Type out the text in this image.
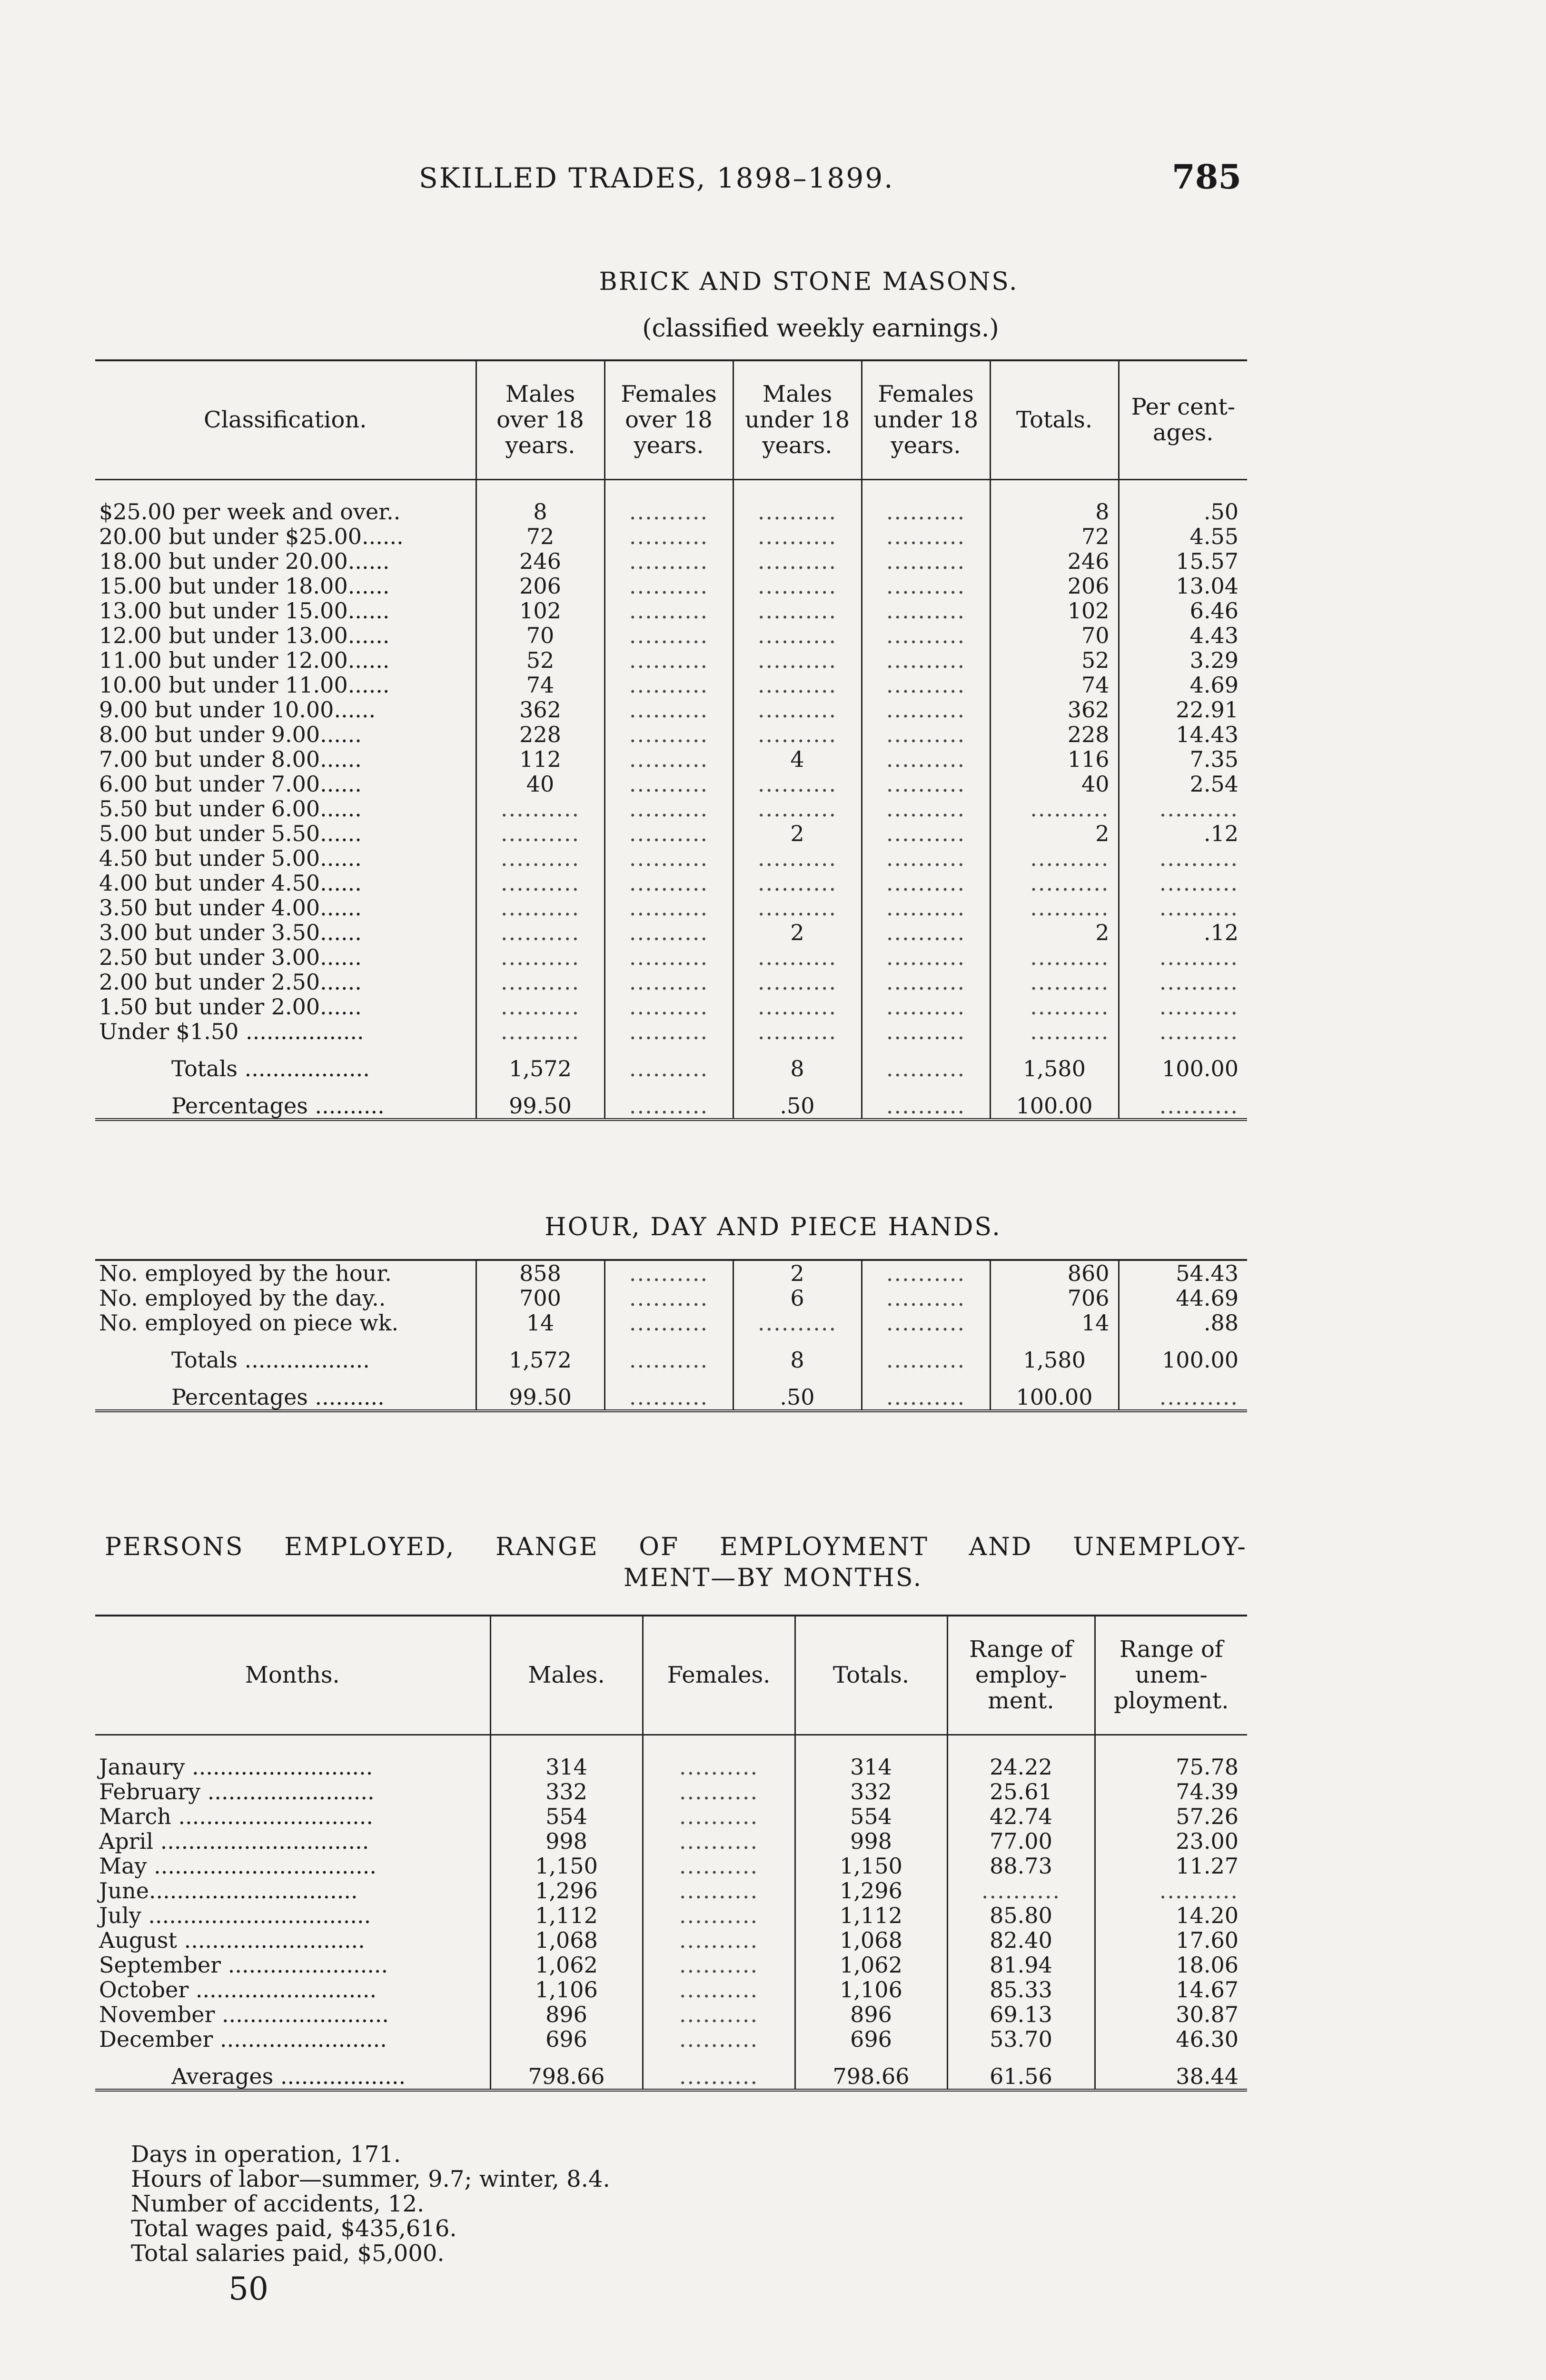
SKILLED TRADES, 1898–1899.	785
BRICK AND STONE MASONS.
(classified weekly earnings.)
Classification.	Males over 18 years.	Females over 18 years.	Males under 18 years.	Females under 18 years.	Totals.	Per cent-ages.

$25.00 per week and over..	8	..........	..........	..........	8	.50
20.00 but under $25.00......	72	..........	..........	..........	72	4.55
18.00 but under 20.00......	246	..........	..........	..........	246	15.57
15.00 but under 18.00......	206	..........	..........	..........	206	13.04
13.00 but under 15.00......	102	..........	..........	..........	102	6.46
12.00 but under 13.00......	70	..........	..........	..........	70	4.43
11.00 but under 12.00......	52	..........	..........	..........	52	3.29
10.00 but under 11.00......	74	..........	..........	..........	74	4.69
9.00 but under 10.00......	362	..........	..........	..........	362	22.91
8.00 but under 9.00......	228	..........	..........	..........	228	14.43
7.00 but under 8.00......	112	..........	4	..........	116	7.35
6.00 but under 7.00......	40	..........	..........	..........	40	2.54
5.50 but under 6.00......	..........	..........	..........	..........	..........	..........
5.00 but under 5.50......	..........	..........	2	..........	2	.12
4.50 but under 5.00......	..........	..........	..........	..........	..........	..........
4.00 but under 4.50......	..........	..........	..........	..........	..........	..........
3.50 but under 4.00......	..........	..........	..........	..........	..........	..........
3.00 but under 3.50......	..........	..........	2	..........	2	.12
2.50 but under 3.00......	..........	..........	..........	..........	..........	..........
2.00 but under 2.50......	..........	..........	..........	..........	..........	..........
1.50 but under 2.00......	..........	..........	..........	..........	..........	..........
Under $1.50 .................	..........	..........	..........	..........	..........	..........
Totals ..................	1,572	..........	8	..........	1,580	100.00
Percentages ..........	99.50	..........	.50	..........	100.00	..........
HOUR, DAY AND PIECE HANDS.
No. employed by the hour.	858	..........	2	..........	860	54.43
No. employed by the day..	700	..........	6	..........	706	44.69
No. employed on piece wk.	14	..........	..........	..........	14	.88
Totals ..................	1,572	..........	8	..........	1,580	100.00
Percentages ..........	99.50	..........	.50	..........	100.00	..........
PERSONS EMPLOYED, RANGE OF EMPLOYMENT AND UNEMPLOY-
MENT—BY MONTHS.
Months.	Males.	Females.	Totals.	Range of employ-ment.	Range of unem-ployment.

Janaury ..........................	314	..........	314	24.22	75.78
February ........................	332	..........	332	25.61	74.39
March ............................	554	..........	554	42.74	57.26
April ..............................	998	..........	998	77.00	23.00
May ................................	1,150	..........	1,150	88.73	11.27
June..............................	1,296	..........	1,296	..........	..........
July ................................	1,112	..........	1,112	85.80	14.20
August ..........................	1,068	..........	1,068	82.40	17.60
September .......................	1,062	..........	1,062	81.94	18.06
October ..........................	1,106	..........	1,106	85.33	14.67
November ........................	896	..........	896	69.13	30.87
December ........................	696	..........	696	53.70	46.30
Averages ..................	798.66	..........	798.66	61.56	38.44
Days in operation, 171.
Hours of labor—summer, 9.7; winter, 8.4.
Number of accidents, 12.
Total wages paid, $435,616.
Total salaries paid, $5,000.
50
